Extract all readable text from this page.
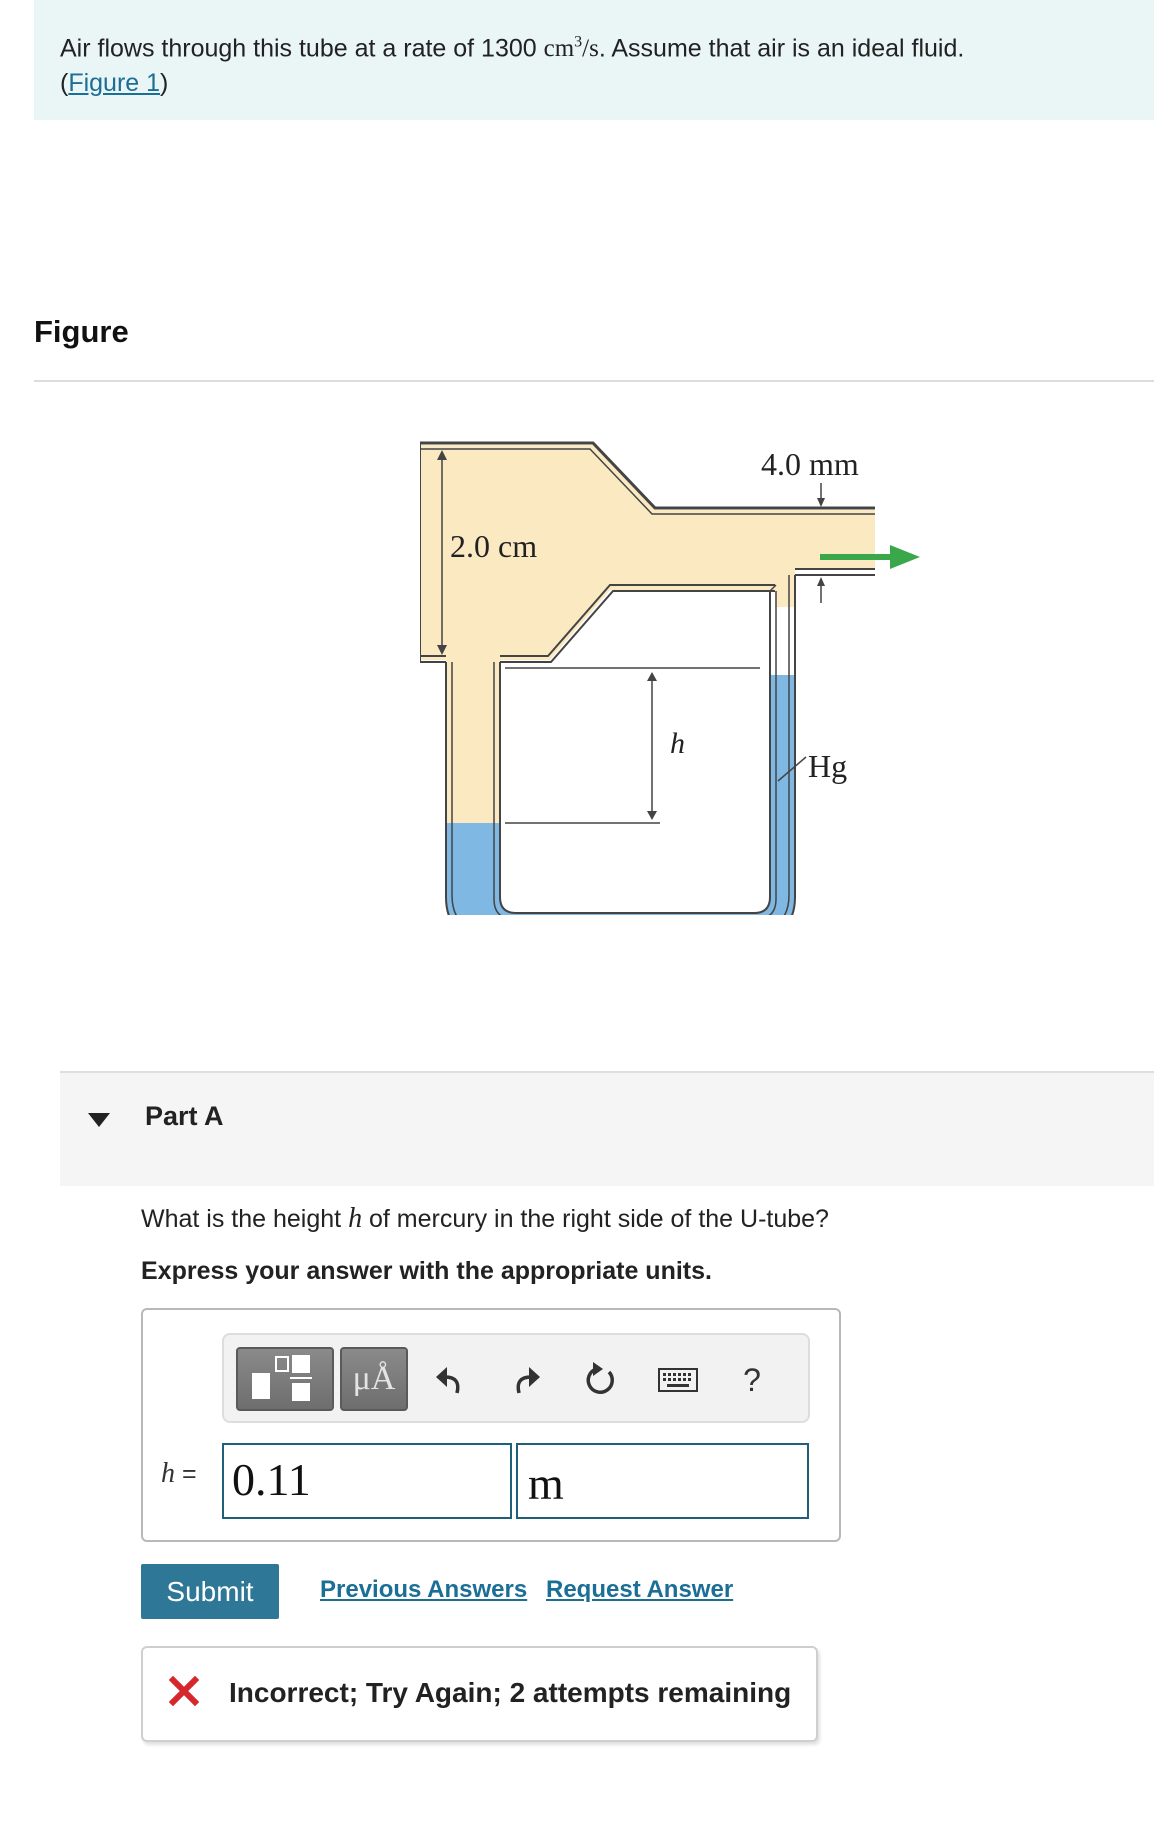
Air flows through this tube at a rate of 1300 $cm^3/s$. Assume that air is an ideal fluid.
(Figure 1)
Figure
2.0 cm
4.0 mm
h
Hg
Part A
What is the height h of mercury in the right side of the U-tube?
Express your answer with the appropriate units.
μÅ	?
h = 0.11	m
Submit	Previous Answers Request Answer
Incorrect; Try Again; 2 attempts remaining
